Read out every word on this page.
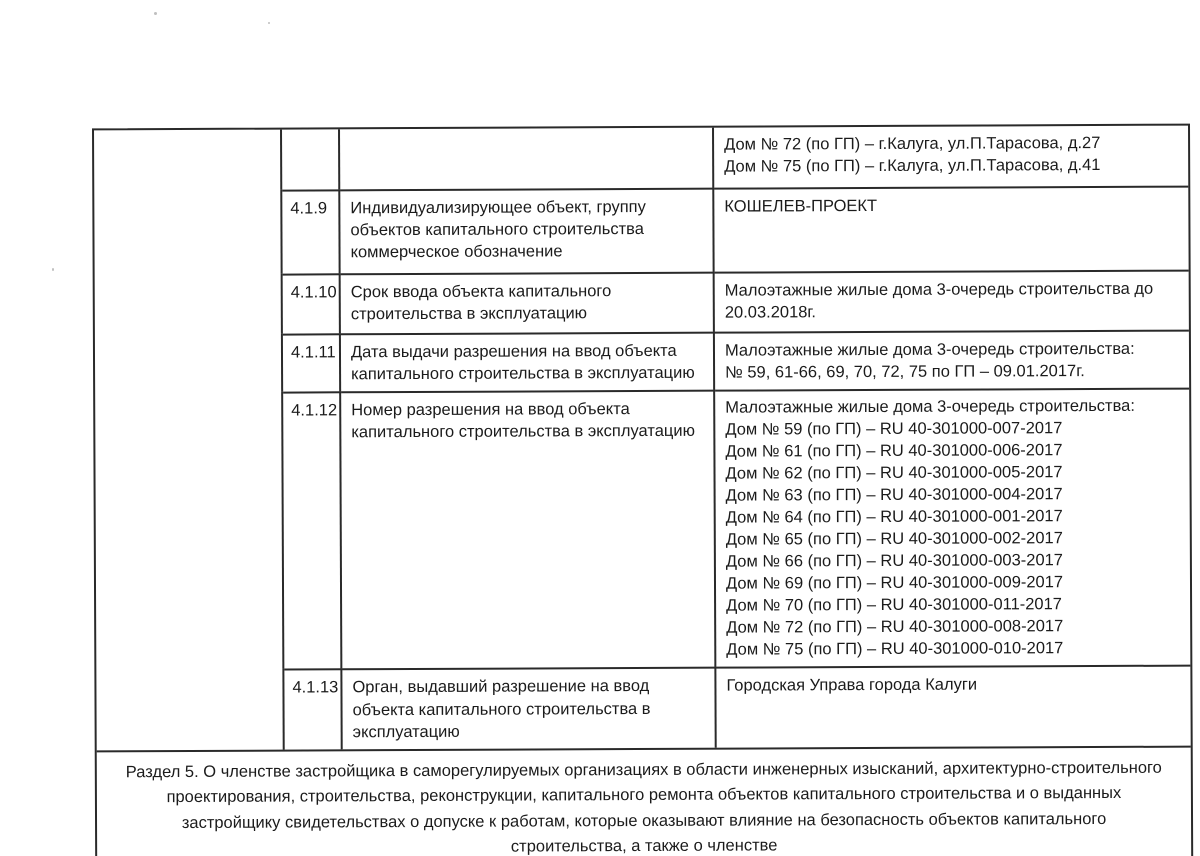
Дом № 72 (по ГП) – г.Калуга, ул.П.Тарасова, д.27
Дом № 75 (по ГП) – г.Калуга, ул.П.Тарасова, д.41
4.1.9	Индивидуализирующее объект, группу объектов капитального строительства коммерческое обозначение
КОШЕЛЕВ-ПРОЕКТ
4.1.10 Срок ввода объекта капитального строительства в эксплуатацию
Малоэтажные жилые дома 3-очередь строительства до 20.03.2018г.
4.1.11 Дата выдачи разрешения на ввод объекта капитального строительства в эксплуатацию
Малоэтажные жилые дома 3-очередь строительства:
№ 59, 61-66, 69, 70, 72, 75 по ГП – 09.01.2017г.
4.1.12 Номер разрешения на ввод объекта капитального строительства в эксплуатацию
Малоэтажные жилые дома 3-очередь строительства:
Дом № 59 (по ГП) – RU 40-301000-007-2017
Дом № 61 (по ГП) – RU 40-301000-006-2017
Дом № 62 (по ГП) – RU 40-301000-005-2017
Дом № 63 (по ГП) – RU 40-301000-004-2017
Дом № 64 (по ГП) – RU 40-301000-001-2017
Дом № 65 (по ГП) – RU 40-301000-002-2017
Дом № 66 (по ГП) – RU 40-301000-003-2017
Дом № 69 (по ГП) – RU 40-301000-009-2017
Дом № 70 (по ГП) – RU 40-301000-011-2017
Дом № 72 (по ГП) – RU 40-301000-008-2017
Дом № 75 (по ГП) – RU 40-301000-010-2017
4.1.13 Орган, выдавший разрешение на ввод объекта капитального строительства в эксплуатацию
Городская Управа города Калуги
Раздел 5. О членстве застройщика в саморегулируемых организациях в области инженерных изысканий, архитектурно-строительного проектирования, строительства, реконструкции, капитального ремонта объектов капитального строительства и о выданных застройщику свидетельствах о допуске к работам, которые оказывают влияние на безопасность объектов капитального строительства, а также о членстве
